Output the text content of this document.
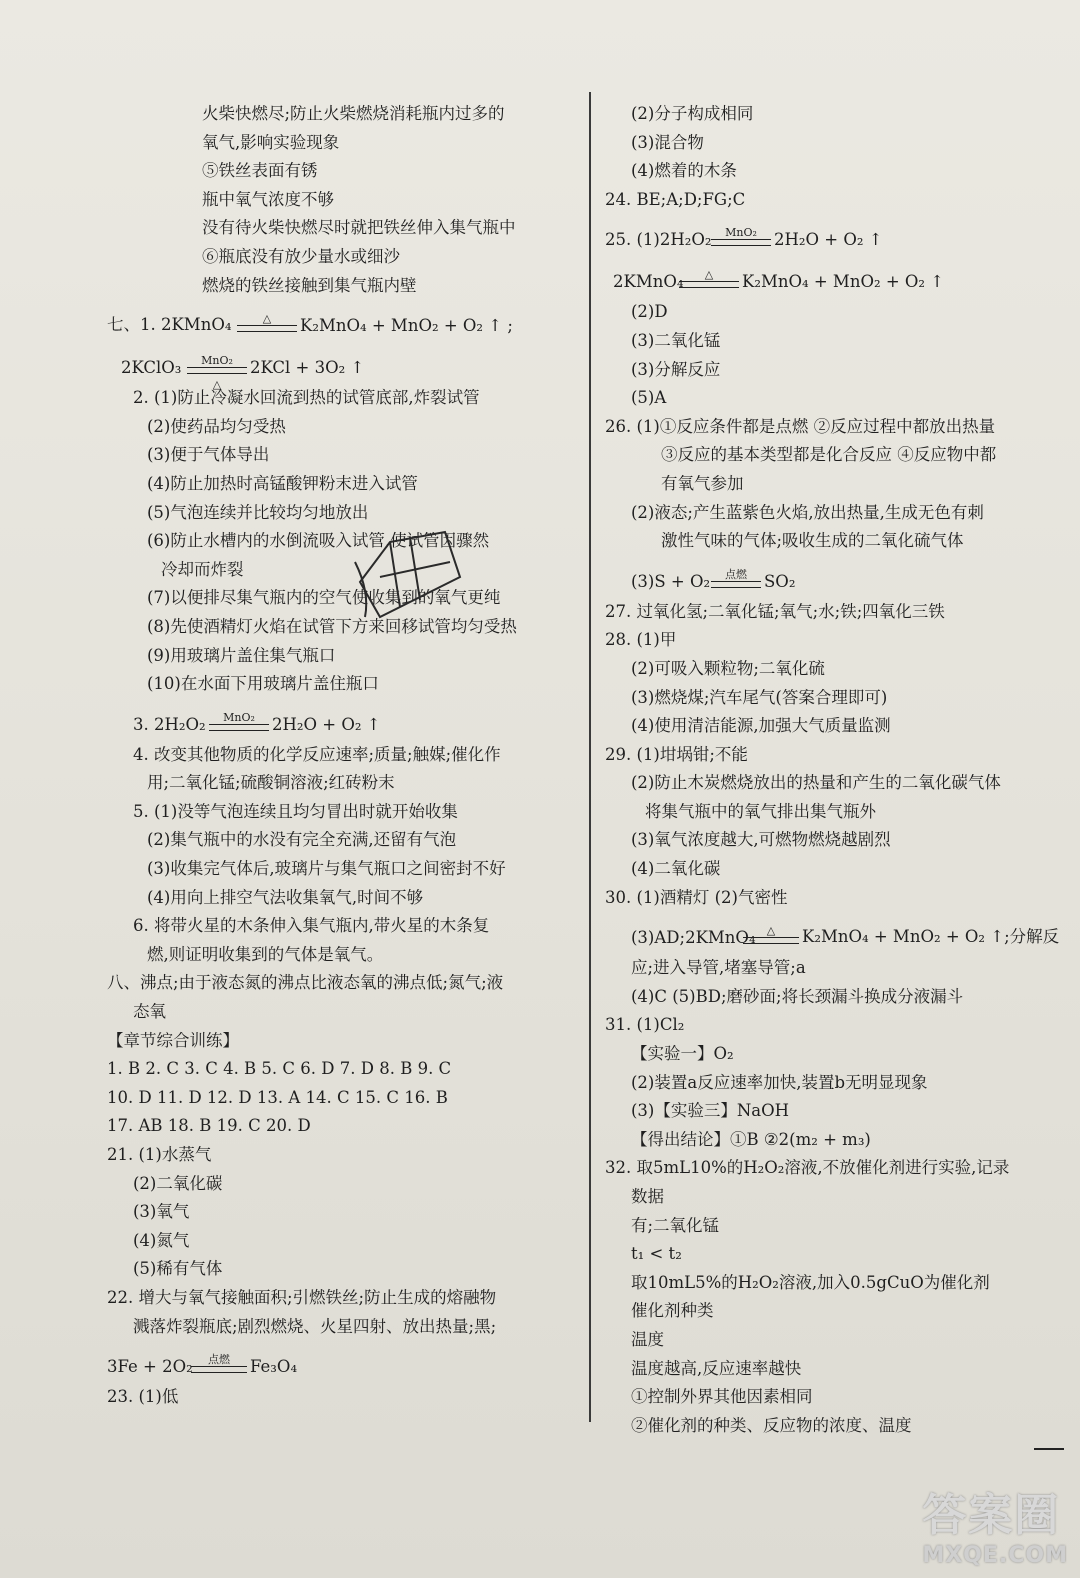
火柴快燃尽;防止火柴燃烧消耗瓶内过多的
氧气,影响实验现象
⑤铁丝表面有锈
瓶中氧气浓度不够
没有待火柴快燃尽时就把铁丝伸入集气瓶中
⑥瓶底没有放少量水或细沙
燃烧的铁丝接触到集气瓶内壁
七、1. 2KMnO₄	△	K₂MnO₄ + MnO₂ + O₂ ↑ ;
2KClO₃	MnO₂
△
2KCl + 3O₂ ↑
2. (1)防止冷凝水回流到热的试管底部,炸裂试管
(2)使药品均匀受热
(3)便于气体导出
(4)防止加热时高锰酸钾粉末进入试管
(5)气泡连续并比较均匀地放出
(6)防止水槽内的水倒流吸入试管,使试管因骤然
冷却而炸裂
(7)以便排尽集气瓶内的空气使收集到的氧气更纯
(8)先使酒精灯火焰在试管下方来回移试管均匀受热
(9)用玻璃片盖住集气瓶口
(10)在水面下用玻璃片盖住瓶口
3. 2H₂O₂	MnO₂	2H₂O + O₂ ↑
4. 改变其他物质的化学反应速率;质量;触媒;催化作
用;二氧化锰;硫酸铜溶液;红砖粉末
5. (1)没等气泡连续且均匀冒出时就开始收集
(2)集气瓶中的水没有完全充满,还留有气泡
(3)收集完气体后,玻璃片与集气瓶口之间密封不好
(4)用向上排空气法收集氧气,时间不够
6. 将带火星的木条伸入集气瓶内,带火星的木条复
燃,则证明收集到的气体是氧气。
八、沸点;由于液态氮的沸点比液态氧的沸点低;氮气;液
态氧
【章节综合训练】
1. B 2. C 3. C 4. B 5. C 6. D 7. D 8. B 9. C
10. D 11. D 12. D 13. A 14. C 15. C 16. B
17. AB 18. B 19. C 20. D
21. (1)水蒸气
(2)二氧化碳
(3)氧气
(4)氮气
(5)稀有气体
22. 增大与氧气接触面积;引燃铁丝;防止生成的熔融物
溅落炸裂瓶底;剧烈燃烧、火星四射、放出热量;黑;
3Fe + 2O₂	点燃	Fe₃O₄
23. (1)低
(2)分子构成相同
(3)混合物
(4)燃着的木条
24. BE;A;D;FG;C
25. (1)2H₂O₂	MnO₂	2H₂O + O₂ ↑
2KMnO₄	△	K₂MnO₄ + MnO₂ + O₂ ↑
(2)D
(3)二氧化锰
(3)分解反应
(5)A
26. (1)①反应条件都是点燃 ②反应过程中都放出热量
③反应的基本类型都是化合反应 ④反应物中都
有氧气参加
(2)液态;产生蓝紫色火焰,放出热量,生成无色有刺
激性气味的气体;吸收生成的二氧化硫气体
(3)S + O₂	点燃	SO₂
27. 过氧化氢;二氧化锰;氧气;水;铁;四氧化三铁
28. (1)甲
(2)可吸入颗粒物;二氧化硫
(3)燃烧煤;汽车尾气(答案合理即可)
(4)使用清洁能源,加强大气质量监测
29. (1)坩埚钳;不能
(2)防止木炭燃烧放出的热量和产生的二氧化碳气体
将集气瓶中的氧气排出集气瓶外
(3)氧气浓度越大,可燃物燃烧越剧烈
(4)二氧化碳
30. (1)酒精灯 (2)气密性
(3)AD;2KMnO₄	△	K₂MnO₄ + MnO₂ + O₂ ↑;分解反
应;进入导管,堵塞导管;a
(4)C (5)BD;磨砂面;将长颈漏斗换成分液漏斗
31. (1)Cl₂
【实验一】O₂
(2)装置a反应速率加快,装置b无明显现象
(3)【实验三】NaOH
【得出结论】①B ②2(m₂ + m₃)
32. 取5mL10%的H₂O₂溶液,不放催化剂进行实验,记录
数据
有;二氧化锰
t₁ < t₂
取10mL5%的H₂O₂溶液,加入0.5gCuO为催化剂
催化剂种类
温度
温度越高,反应速率越快
①控制外界其他因素相同
②催化剂的种类、反应物的浓度、温度
答案圈
MXQE.COM
